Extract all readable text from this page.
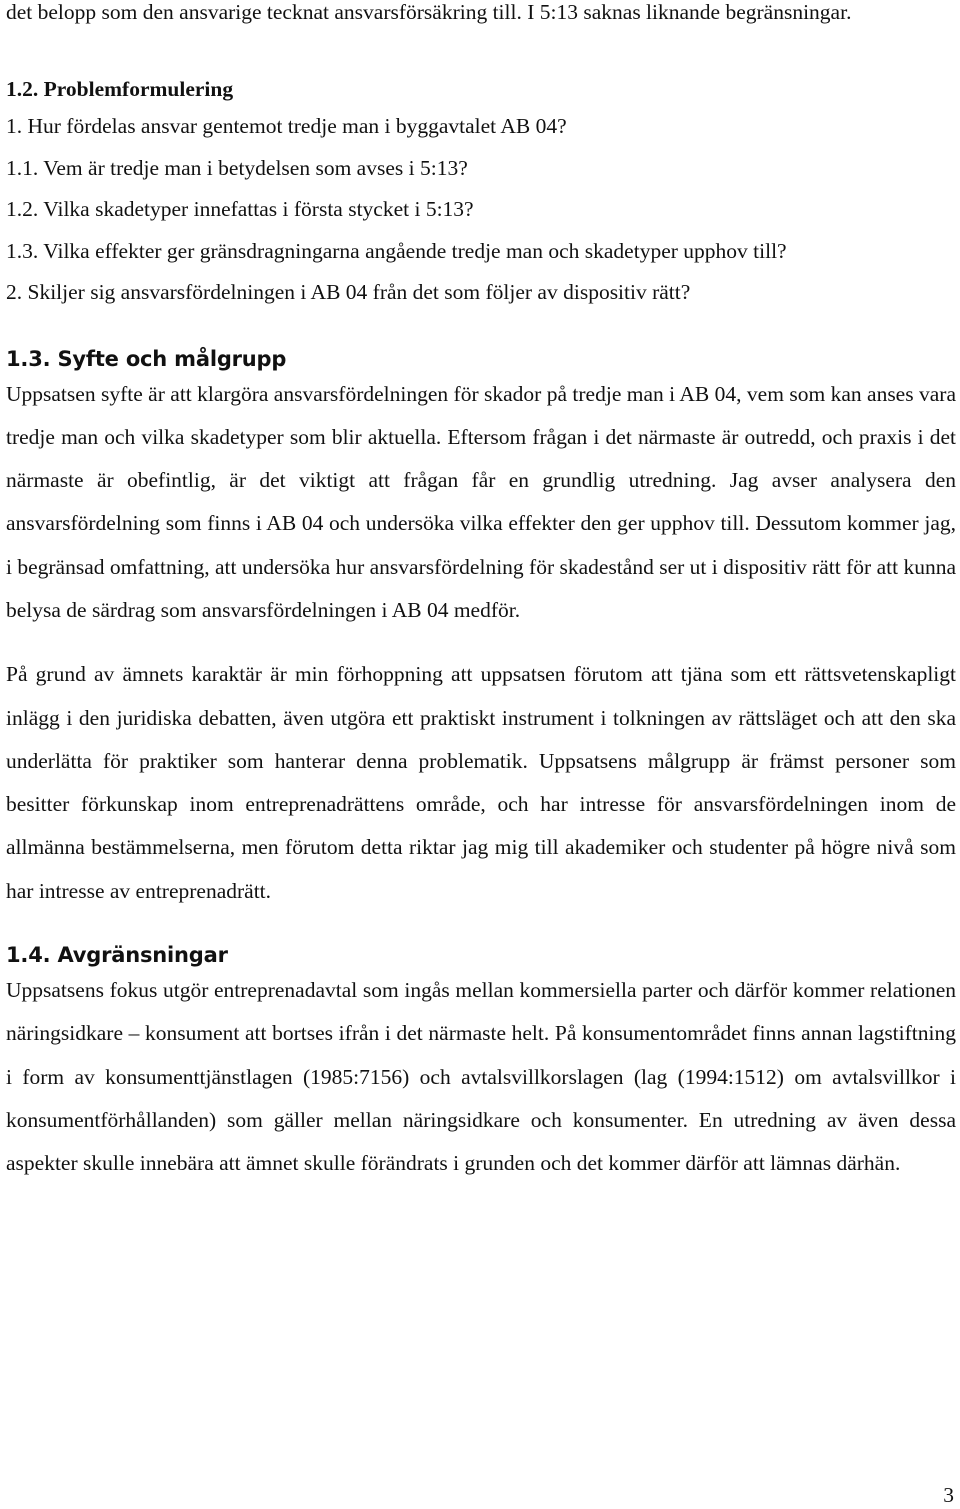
det belopp som den ansvarige tecknat ansvarsförsäkring till. I 5:13 saknas liknande begränsningar.

1.2. Problemformulering
1. Hur fördelas ansvar gentemot tredje man i byggavtalet AB 04?
1.1. Vem är tredje man i betydelsen som avses i 5:13?
1.2. Vilka skadetyper innefattas i första stycket i 5:13?
1.3. Vilka effekter ger gränsdragningarna angående tredje man och skadetyper upphov till?
2. Skiljer sig ansvarsfördelningen i AB 04 från det som följer av dispositiv rätt?
1.3. Syfte och målgrupp

Uppsatsen syfte är att klargöra ansvarsfördelningen för skador på tredje man i AB 04, vem som kan anses vara tredje man och vilka skadetyper som blir aktuella. Eftersom frågan i det närmaste är outredd, och praxis i det närmaste är obefintlig, är det viktigt att frågan får en grundlig utredning. Jag avser analysera den ansvarsfördelning som finns i AB 04 och undersöka vilka effekter den ger upphov till. Dessutom kommer jag, i begränsad omfattning, att undersöka hur ansvarsfördelning för skadestånd ser ut i dispositiv rätt för att kunna belysa de särdrag som ansvarsfördelningen i AB 04 medför.

På grund av ämnets karaktär är min förhoppning att uppsatsen förutom att tjäna som ett rättsvetenskapligt inlägg i den juridiska debatten, även utgöra ett praktiskt instrument i tolkningen av rättsläget och att den ska underlätta för praktiker som hanterar denna problematik. Uppsatsens målgrupp är främst personer som besitter förkunskap inom entreprenadrättens område, och har intresse för ansvarsfördelningen inom de allmänna bestämmelserna, men förutom detta riktar jag mig till akademiker och studenter på högre nivå som har intresse av entreprenadrätt.

1.4. Avgränsningar

Uppsatsens fokus utgör entreprenadavtal som ingås mellan kommersiella parter och därför kommer relationen näringsidkare – konsument att bortses ifrån i det närmaste helt. På konsumentområdet finns annan lagstiftning i form av konsumenttjänstlagen (1985:7156) och avtalsvillkorslagen (lag (1994:1512) om avtalsvillkor i konsumentförhållanden) som gäller mellan näringsidkare och konsumenter. En utredning av även dessa aspekter skulle innebära att ämnet skulle förändrats i grunden och det kommer därför att lämnas därhän.

3
